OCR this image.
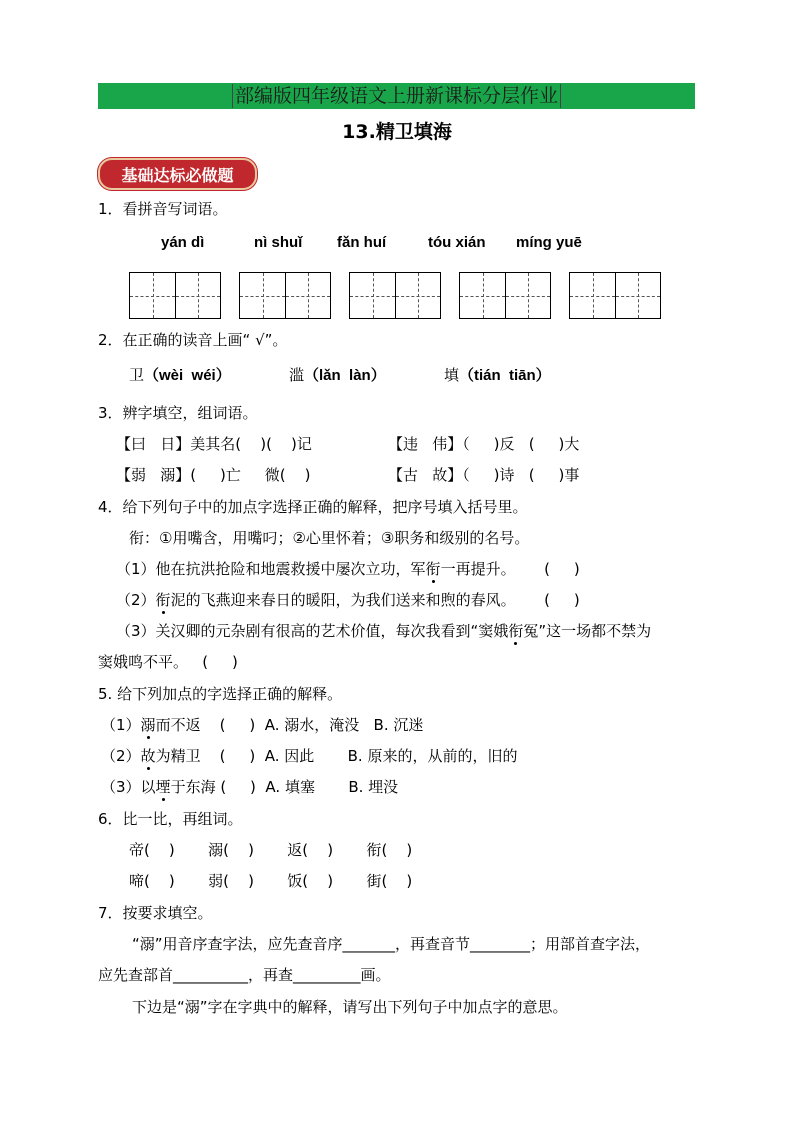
部编版四年级语文上册新课标分层作业
13.精卫填海
基础达标必做题
1．看拼音写词语。
yán dì	nì shuǐ fǎn huí	tóu xián míng yuē
2．在正确的读音上画“ √”。
卫（wèi  wéi）	滥（lǎn  làn）	填（tián  tiān）
3．辨字填空，组词语。
【曰   日】美其名(    )(    )记	【违   伟】（     )反   (     )大
【弱   溺】(     )亡     微(    )	【古   故】（     )诗   (     )事
4．给下列句子中的加点字选择正确的解释，把序号填入括号里。
衔：①用嘴含，用嘴叼；②心里怀着；③职务和级别的名号。
（1）他在抗洪抢险和地震救援中屡次立功，军衔一再提升。      (     )
（2）衔泥的飞燕迎来春日的暖阳，为我们送来和煦的春风。      (     )
（3）关汉卿的元杂剧有很高的艺术价值，每次我看到“窦娥衔冤”这一场都不禁为
窦娥鸣不平。   (     )
5. 给下列加点的字选择正确的解释。
（1）溺而不返    (     )  A. 溺水，淹没   B. 沉迷
（2）故为精卫    (     )  A. 因此       B. 原来的，从前的，旧的
（3）以堙于东海 (     )  A. 填塞       B. 埋没
6．比一比，再组词。
帝(    )       溺(    )       返(    )       衔(    )
啼(    )       弱(    )       饭(    )       街(    )
7．按要求填空。
“溺”用音序查字法，应先查音序_______，再查音节________；用部首查字法，
应先查部首__________，再查_________画。
下边是“溺”字在字典中的解释，请写出下列句子中加点字的意思。
